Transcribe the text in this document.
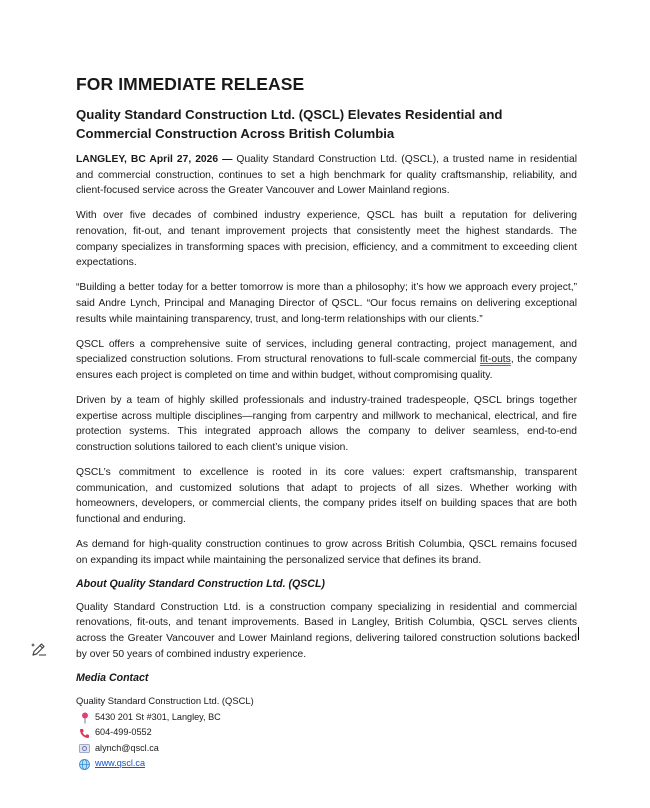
FOR IMMEDIATE RELEASE
Quality Standard Construction Ltd. (QSCL) Elevates Residential and Commercial Construction Across British Columbia

LANGLEY, BC April 27, 2026 — Quality Standard Construction Ltd. (QSCL), a trusted name in residential and commercial construction, continues to set a high benchmark for quality craftsmanship, reliability, and client-focused service across the Greater Vancouver and Lower Mainland regions.

With over five decades of combined industry experience, QSCL has built a reputation for delivering renovation, fit-out, and tenant improvement projects that consistently meet the highest standards. The company specializes in transforming spaces with precision, efficiency, and a commitment to exceeding client expectations.

“Building a better today for a better tomorrow is more than a philosophy; it’s how we approach every project,” said Andre Lynch, Principal and Managing Director of QSCL. “Our focus remains on delivering exceptional results while maintaining transparency, trust, and long-term relationships with our clients.”

QSCL offers a comprehensive suite of services, including general contracting, project management, and specialized construction solutions. From structural renovations to full-scale commercial fit-outs, the company ensures each project is completed on time and within budget, without compromising quality.

Driven by a team of highly skilled professionals and industry-trained tradespeople, QSCL brings together expertise across multiple disciplines—ranging from carpentry and millwork to mechanical, electrical, and fire protection systems. This integrated approach allows the company to deliver seamless, end-to-end construction solutions tailored to each client’s unique vision.

QSCL’s commitment to excellence is rooted in its core values: expert craftsmanship, transparent communication, and customized solutions that adapt to projects of all sizes. Whether working with homeowners, developers, or commercial clients, the company prides itself on building spaces that are both functional and enduring.

As demand for high-quality construction continues to grow across British Columbia, QSCL remains focused on expanding its impact while maintaining the personalized service that defines its brand.

About Quality Standard Construction Ltd. (QSCL)

Quality Standard Construction Ltd. is a construction company specializing in residential and commercial renovations, fit-outs, and tenant improvements. Based in Langley, British Columbia, QSCL serves clients across the Greater Vancouver and Lower Mainland regions, delivering tailored construction solutions backed by over 50 years of combined industry experience.

Media Contact
Quality Standard Construction Ltd. (QSCL)
5430 201 St #301, Langley, BC
604-499-0552
alynch@qscl.ca
www.qscl.ca
